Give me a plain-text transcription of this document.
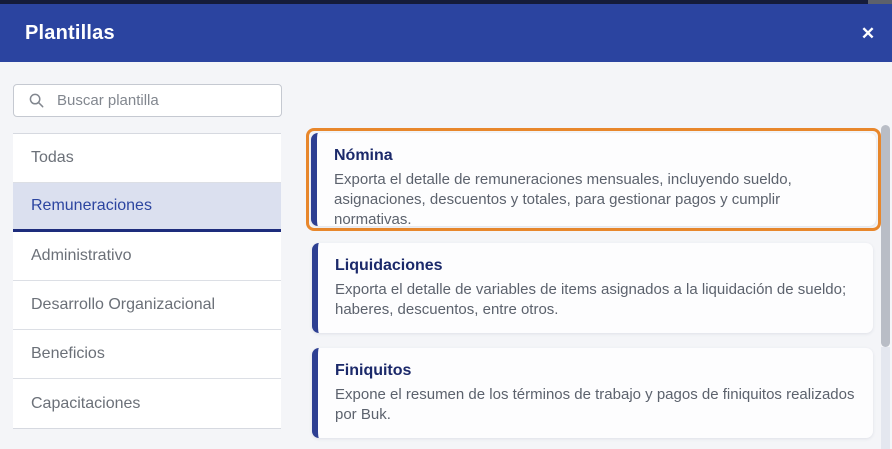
Plantillas	✕
Buscar plantilla
Todas
Remuneraciones
Administrativo
Desarrollo Organizacional
Beneficios
Capacitaciones
Nómina
Exporta el detalle de remuneraciones mensuales, incluyendo sueldo, asignaciones, descuentos y totales, para gestionar pagos y cumplir normativas.
Liquidaciones
Exporta el detalle de variables de items asignados a la liquidación de sueldo; haberes, descuentos, entre otros.
Finiquitos
Expone el resumen de los términos de trabajo y pagos de finiquitos realizados por Buk.
